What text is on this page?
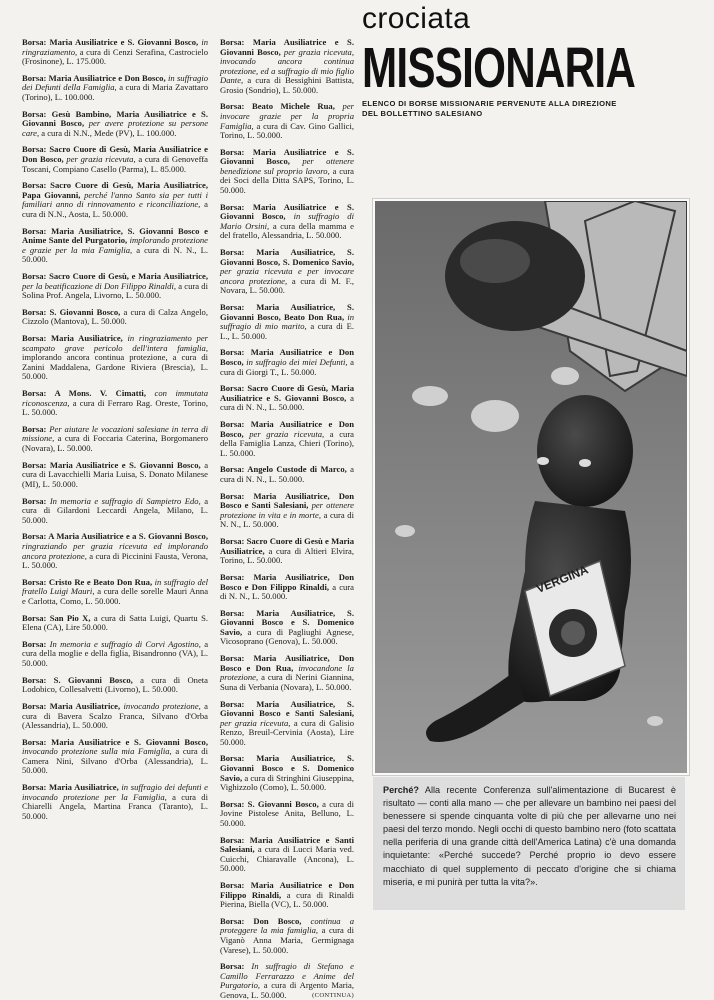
Borsa: Maria Ausiliatrice e S. Giovanni Bosco, in ringraziamento, a cura di Cenzi Serafina, Castrocielo (Frosinone), L. 175.000.

Borsa: Maria Ausiliatrice e Don Bosco, in suffragio dei Defunti della Famiglia, a cura di Maria Zavattaro (Torino), L. 100.000.

Borsa: Gesù Bambino, Maria Ausiliatrice e S. Giovanni Bosco, per avere protezione su persone care, a cura di N.N., Mede (PV), L. 100.000.

Borsa: Sacro Cuore di Gesù, Maria Ausiliatrice e Don Bosco, per grazia ricevuta, a cura di Genoveffa Toscani, Compiano Casello (Parma), L. 85.000.

Borsa: Sacro Cuore di Gesù, Maria Ausiliatrice, Papa Giovanni, perché l'anno Santo sia per tutti i familiari anno di rinnovamento e riconciliazione, a cura di N.N., Aosta, L. 50.000.

Borsa: Maria Ausiliatrice, S. Giovanni Bosco e Anime Sante del Purgatorio, implorando protezione e grazie per la mia Famiglia, a cura di N. N., L. 50.000.

Borsa: Sacro Cuore di Gesù, e Maria Ausiliatrice, per la beatificazione di Don Filippo Rinaldi, a cura di Solina Prof. Angela, Livorno, L. 50.000.

Borsa: S. Giovanni Bosco, a cura di Calza Angelo, Cizzolo (Mantova), L. 50.000.

Borsa: Maria Ausiliatrice, in ringraziamento per scampato grave pericolo dell'intera famiglia, implorando ancora continua protezione, a cura di Zanini Maddalena, Gardone Riviera (Brescia), L. 50.000.

Borsa: A Mons. V. Cimatti, con immutata riconoscenza, a cura di Ferraro Rag. Oreste, Torino, L. 50.000.

Borsa: Per aiutare le vocazioni salesiane in terra di missione, a cura di Foccaria Caterina, Borgomanero (Novara), L. 50.000.

Borsa: Maria Ausiliatrice e S. Giovanni Bosco, a cura di Lavacchielli Maria Luisa, S. Donato Milanese (MI), L. 50.000.

Borsa: In memoria e suffragio di Sampietro Edo, a cura di Gilardoni Leccardi Angela, Milano, L. 50.000.

Borsa: A Maria Ausiliatrice e a S. Giovanni Bosco, ringraziando per grazia ricevuta ed implorando ancora protezione, a cura di Piccinini Fausta, Verona, L. 50.000.

Borsa: Cristo Re e Beato Don Rua, in suffragio del fratello Luigi Mauri, a cura delle sorelle Mauri Anna e Carlotta, Como, L. 50.000.

Borsa: San Pio X, a cura di Satta Luigi, Quartu S. Elena (CA), Lire 50.000.

Borsa: In memoria e suffragio di Corvi Agostino, a cura della moglie e della figlia, Bisandronno (VA), L. 50.000.

Borsa: S. Giovanni Bosco, a cura di Oneta Lodobico, Collesalvetti (Livorno), L. 50.000.

Borsa: Maria Ausiliatrice, invocando protezione, a cura di Bavera Scalzo Franca, Silvano d'Orba (Alessandria), L. 50.000.

Borsa: Maria Ausiliatrice e S. Giovanni Bosco, invocando protezione sulla mia Famiglia, a cura di Camera Nini, Silvano d'Orba (Alessandria), L. 50.000.

Borsa: Maria Ausiliatrice, in suffragio dei defunti e invocando protezione per la Famiglia, a cura di Chiarelli Angela, Martina Franca (Taranto), L. 50.000.

Borsa: Maria Ausiliatrice e S. Giovanni Bosco, per grazia ricevuta, invocando ancora continua protezione, ed a suffragio di mio figlio Dante, a cura di Bessighini Battista, Grosio (Sondrio), L. 50.000.

Borsa: Beato Michele Rua, per invocare grazie per la propria Famiglia, a cura di Cav. Gino Gallici, Torino, L. 50.000.

Borsa: Maria Ausiliatrice e S. Giovanni Bosco, per ottenere benedizione sul proprio lavoro, a cura dei Soci della Ditta SAPS, Torino, L. 50.000.

Borsa: Maria Ausiliatrice e S. Giovanni Bosco, in suffragio di Mario Orsini, a cura della mamma e del fratello, Alessandria, L. 50.000.

Borsa: Maria Ausiliatrice, S. Giovanni Bosco, S. Domenico Savio, per grazia ricevuta e per invocare ancora protezione, a cura di M. F., Novara, L. 50.000.

Borsa: Maria Ausiliatrice, S. Giovanni Bosco, Beato Don Rua, in suffragio di mio marito, a cura di E. L., L. 50.000.

Borsa: Maria Ausiliatrice e Don Bosco, in suffragio dei miei Defunti, a cura di Giorgi T., L. 50.000.

Borsa: Sacro Cuore di Gesù, Maria Ausiliatrice e S. Giovanni Bosco, a cura di N. N., L. 50.000.

Borsa: Maria Ausiliatrice e Don Bosco, per grazia ricevuta, a cura della Famiglia Lanza, Chieri (Torino), L. 50.000.

Borsa: Angelo Custode di Marco, a cura di N. N., L. 50.000.

Borsa: Maria Ausiliatrice, Don Bosco e Santi Salesiani, per ottenere protezione in vita e in morte, a cura di N. N., L. 50.000.

Borsa: Sacro Cuore di Gesù e Maria Ausiliatrice, a cura di Altieri Elvira, Torino, L. 50.000.

Borsa: Maria Ausiliatrice, Don Bosco e Don Filippo Rinaldi, a cura di N. N., L. 50.000.

Borsa: Maria Ausiliatrice, S. Giovanni Bosco e S. Domenico Savio, a cura di Pagliughi Agnese, Vicosoprano (Genova), L. 50.000.

Borsa: Maria Ausiliatrice, Don Bosco e Don Rua, invocandone la protezione, a cura di Nerini Giannina, Suna di Verbania (Novara), L. 50.000.

Borsa: Maria Ausiliatrice, S. Giovanni Bosco e Santi Salesiani, per grazia ricevuta, a cura di Galisio Renzo, Breuil-Cervinia (Aosta), Lire 50.000.

Borsa: Maria Ausiliatrice, S. Giovanni Bosco e S. Domenico Savio, a cura di Stringhini Giuseppina, Vighizzolo (Como), L. 50.000.

Borsa: S. Giovanni Bosco, a cura di Jovine Pistolese Anita, Belluno, L. 50.000.

Borsa: Maria Ausiliatrice e Santi Salesiani, a cura di Lucci Maria ved. Cuicchi, Chiaravalle (Ancona), L. 50.000.

Borsa: Maria Ausiliatrice e Don Filippo Rinaldi, a cura di Rinaldi Pierina, Biella (VC), L. 50.000.

Borsa: Don Bosco, continua a proteggere la mia famiglia, a cura di Viganò Anna Maria, Germignaga (Varese), L. 50.000.

Borsa: In suffragio di Stefano e Camillo Ferrarazzo e Anime del Purgatorio, a cura di Argento Maria, Genova, L. 50.000.	(CONTINUA)

crociata
MISSIONARIA
ELENCO DI BORSE MISSIONARIE PERVENUTE ALLA DIREZIONE
DEL BOLLETTINO SALESIANO
VERGINA
Perché? Alla recente Conferenza sull'alimentazione di Bucarest è risultato — conti alla mano — che per allevare un bambino nei paesi del benessere si spende cinquanta volte di più che per allevarne uno nei paesi del terzo mondo. Negli occhi di questo bambino nero (foto scattata nella periferia di una grande città dell'America Latina) c'è una domanda inquietante: «Perché succede? Perché proprio io devo essere macchiato di quel supplemento di peccato d'origine che si chiama miseria, e mi punirà per tutta la vita?».
